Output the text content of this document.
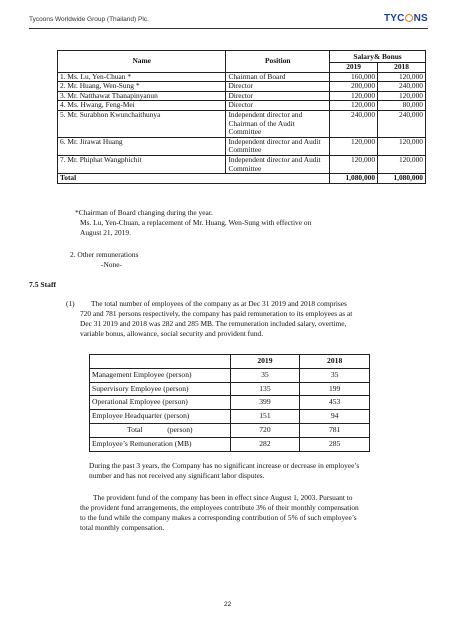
Tycoons Worldwide Group (Thailand) Plc.	TYC NS
Name	Position	Salary& Bonus	
		2019	2018
1. Ms. Lu, Yen-Chuan *	Chairman of Board	160,000	120,000
2. Mr. Huang, Wen-Sung *	Director	200,000	240,000
3. Mr. Natthawat Thanapinyanun	Director	120,000	120,000
4. Ms. Hwang, Feng-Mei	Director	120,000	80,000
5. Mr. Surabhon Kwunchaithunya	Independent director and Chairman of the Audit Committee	240,000	240,000
6. Mr. Jirawat Huang	Independent director and Audit Committee	120,000	120,000
7. Mr. Phiphat Wangphichit	Independent director and Audit Committee	120,000	120,000
Total		1,080,000	1,080,000
*Chairman of Board changing during the year.
Ms. Lu, Yen-Chuan, a replacement of Mr. Huang, Wen-Sung with effective on
August 21, 2019.
2. Other remunerations
-None-
7.5 Staff
(1) The total number of employees of the company as at Dec 31 2019 and 2018 comprises
720 and 781 persons respectively, the company has paid remuneration to its employees as at
Dec 31 2019 and 2018 was 282 and 285 MB. The remuneration included salary, overtime,
variable bonus, allowance, social security and provident fund.
	2019	2018
Management Employee (person)	35	35
Supervisory Employee (person)	135	199
Operational Employee (person)	399	453
Employee Headquarter (person)	151	94
Total             (person)	720	781
Employee’s Remuneration (MB)	282	285
During the past 3 years, the Company has no significant increase or decrease in employee’s
number and has not received any significant labor disputes.
The provident fund of the company has been in effect since August 1, 2003. Pursuant to
the provident fund arrangements, the employees contribute 3% of their monthly compensation
to the fund while the company makes a corresponding contribution of 5% of such employee’s
total monthly compensation.
22
